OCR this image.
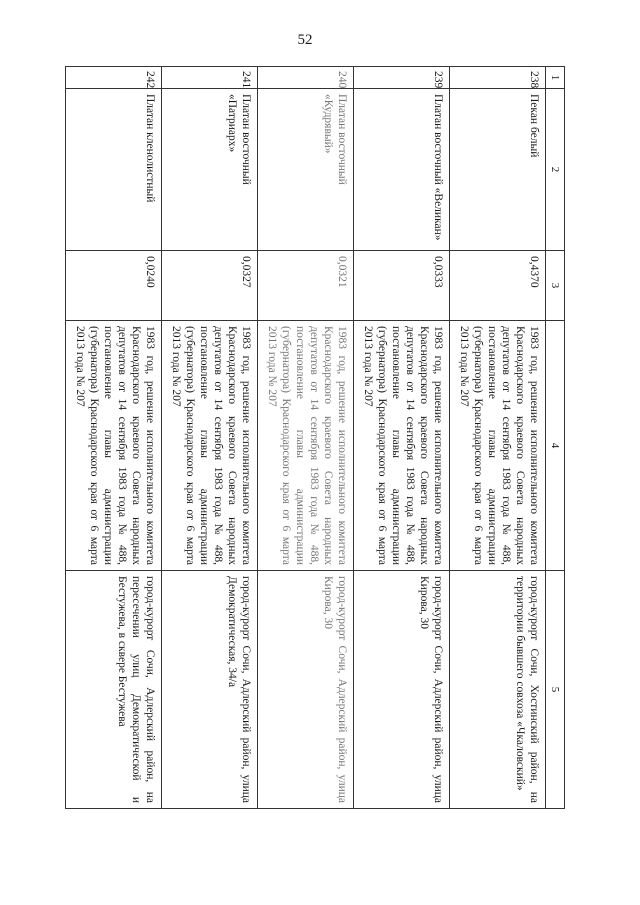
52
1	2	3	4	5
238	Пекан белый	0,4370	1983 год, решение исполнительного комитета Краснодарского краевого Совета народных депутатов от 14 сентября 1983 года № 488, постановление главы администрации (губернатора) Краснодарского края от 6 марта 2013 года № 207	город-курорт Сочи, Хостинский район, на территории бывшего совхоза «Чкаловский»
239	Платан восточный «Великан»	0,0333	1983 год, решение исполнительного комитета Краснодарского краевого Совета народных депутатов от 14 сентября 1983 года № 488, постановление главы администрации (губернатора) Краснодарского края от 6 марта 2013 года № 207	город-курорт Сочи, Адлерский район, улица Кирова, 30
240	Платан восточный «Кудрявый»	0,0321	1983 год, решение исполнительного комитета Краснодарского краевого Совета народных депутатов от 14 сентября 1983 года № 488, постановление главы администрации (губернатора) Краснодарского края от 6 марта 2013 года № 207	город-курорт Сочи, Адлерский район, улица Кирова, 30
241	Платан восточный «Патриарх»	0,0327	1983 год, решение исполнительного комитета Краснодарского краевого Совета народных депутатов от 14 сентября 1983 года № 488, постановление главы администрации (губернатора) Краснодарского края от 6 марта 2013 года № 207	город-курорт Сочи, Адлерский район, улица Демократическая, 34/а
242	Платан кленолистный	0,0240	1983 год, решение исполнительного комитета Краснодарского краевого Совета народных депутатов от 14 сентября 1983 года № 488, постановление главы администрации (губернатора) Краснодарского края от 6 марта 2013 года № 207	город-курорт Сочи, Адлерский район, на пересечении улиц Демократической и Бестужева, в сквере Бестужева
